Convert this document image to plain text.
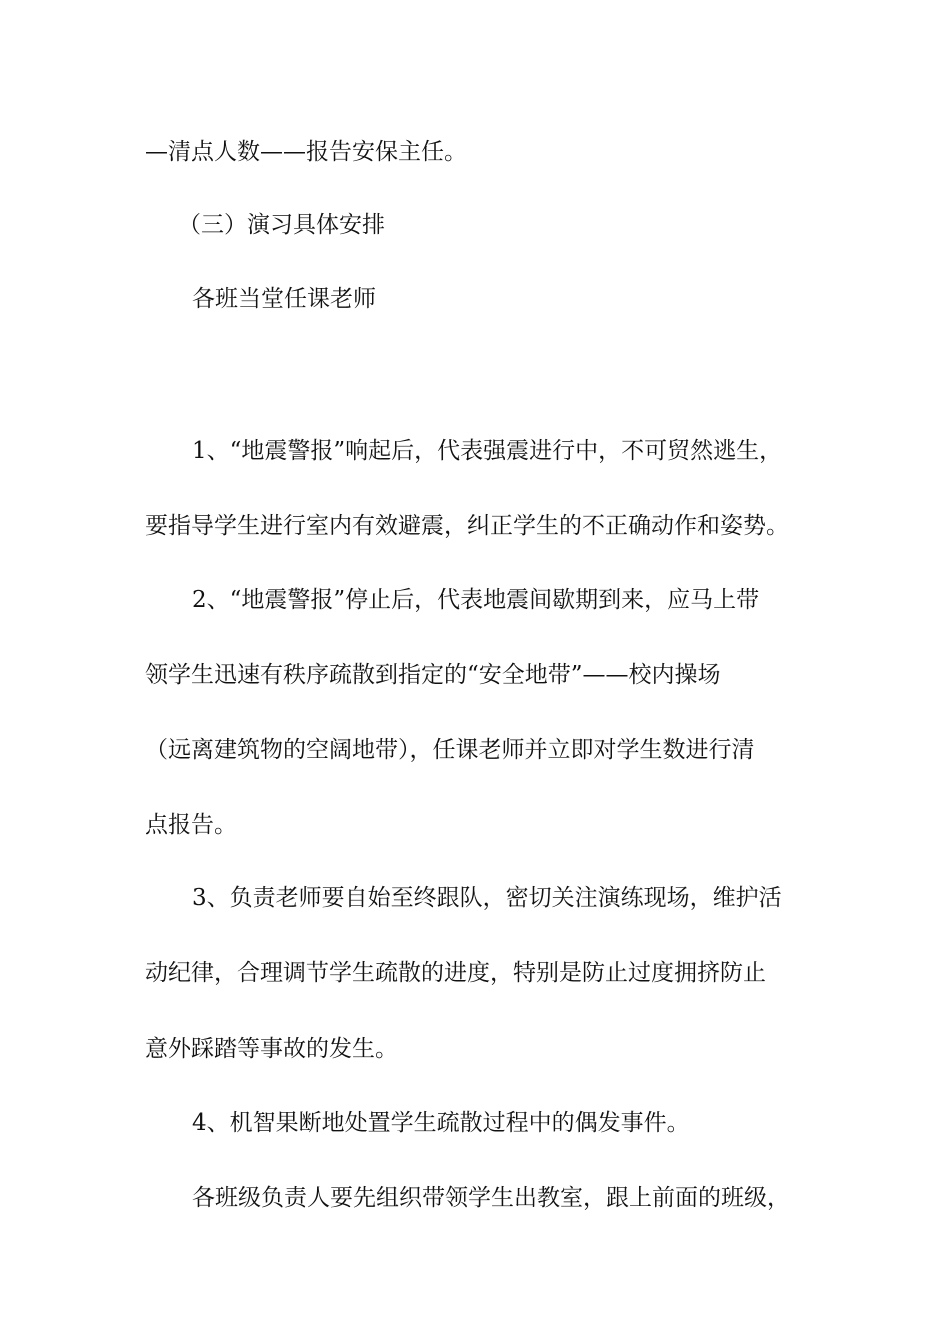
—清点人数——报告安保主任。
（三）演习具体安排
各班当堂任课老师
1、“地震警报”响起后，代表强震进行中，不可贸然逃生，
要指导学生进行室内有效避震，纠正学生的不正确动作和姿势。
2、“地震警报”停止后，代表地震间歇期到来，应马上带
领学生迅速有秩序疏散到指定的“安全地带”——校内操场
（远离建筑物的空阔地带），任课老师并立即对学生数进行清
点报告。
3、负责老师要自始至终跟队，密切关注演练现场，维护活
动纪律，合理调节学生疏散的进度，特别是防止过度拥挤防止
意外踩踏等事故的发生。
4、机智果断地处置学生疏散过程中的偶发事件。
各班级负责人要先组织带领学生出教室，跟上前面的班级，
